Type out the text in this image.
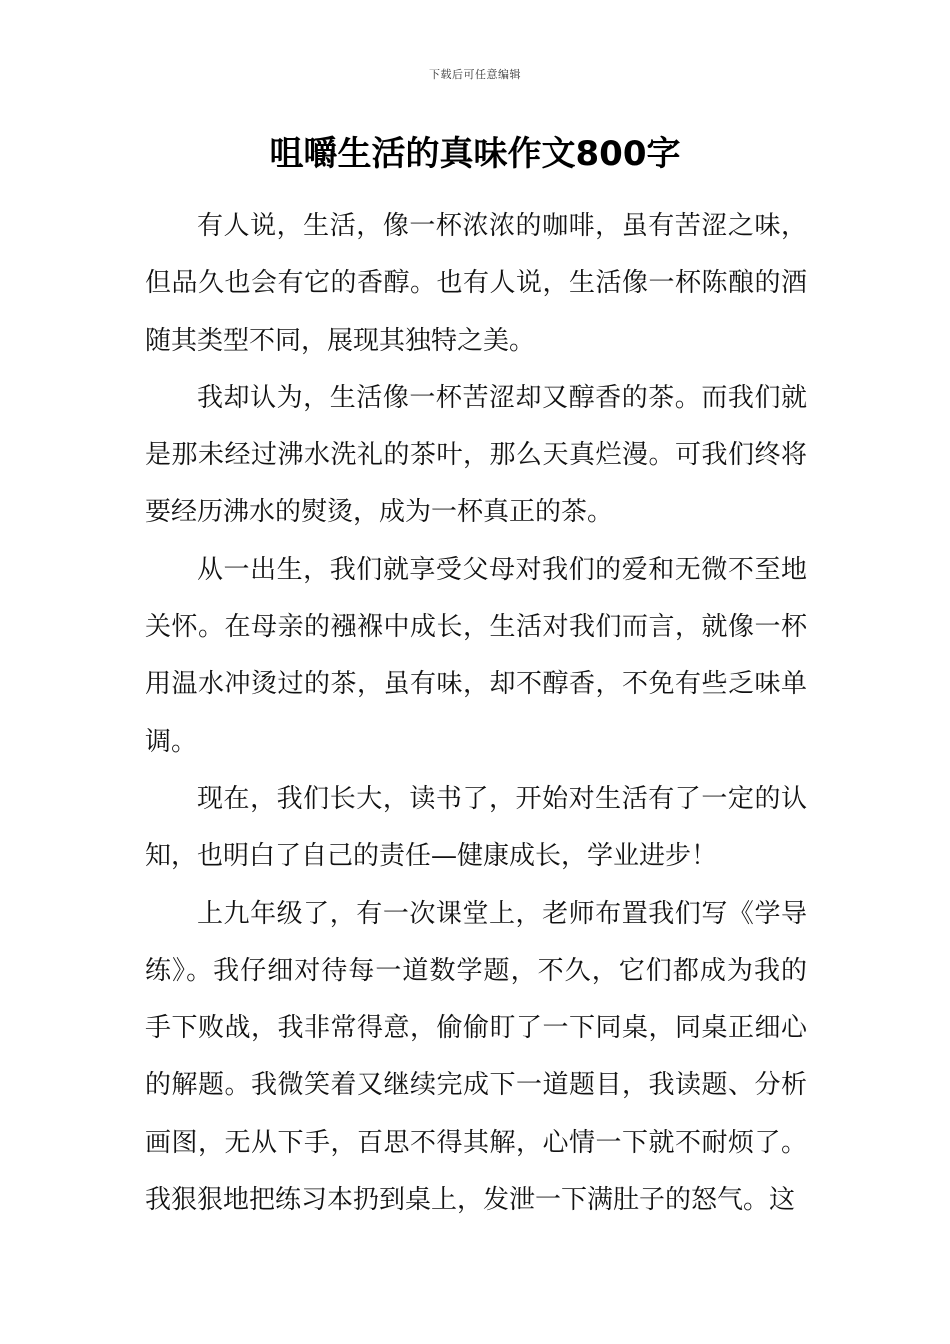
下载后可任意编辑
咀嚼生活的真味作文800字

有人说，生活，像一杯浓浓的咖啡，虽有苦涩之味，但品久也会有它的香醇。也有人说，生活像一杯陈酿的酒随其类型不同，展现其独特之美。

我却认为，生活像一杯苦涩却又醇香的茶。而我们就是那未经过沸水洗礼的茶叶，那么天真烂漫。可我们终将要经历沸水的熨烫，成为一杯真正的茶。

从一出生，我们就享受父母对我们的爱和无微不至地关怀。在母亲的襁褓中成长，生活对我们而言，就像一杯用温水冲烫过的茶，虽有味，却不醇香，不免有些乏味单调。

现在，我们长大，读书了，开始对生活有了一定的认知，也明白了自己的责任—健康成长，学业进步！

上九年级了，有一次课堂上，老师布置我们写《学导练》。我仔细对待每一道数学题，不久，它们都成为我的手下败战，我非常得意，偷偷盯了一下同桌，同桌正细心的解题。我微笑着又继续完成下一道题目，我读题、分析画图，无从下手，百思不得其解，心情一下就不耐烦了。我狠狠地把练习本扔到桌上，发泄一下满肚子的怒气。这
